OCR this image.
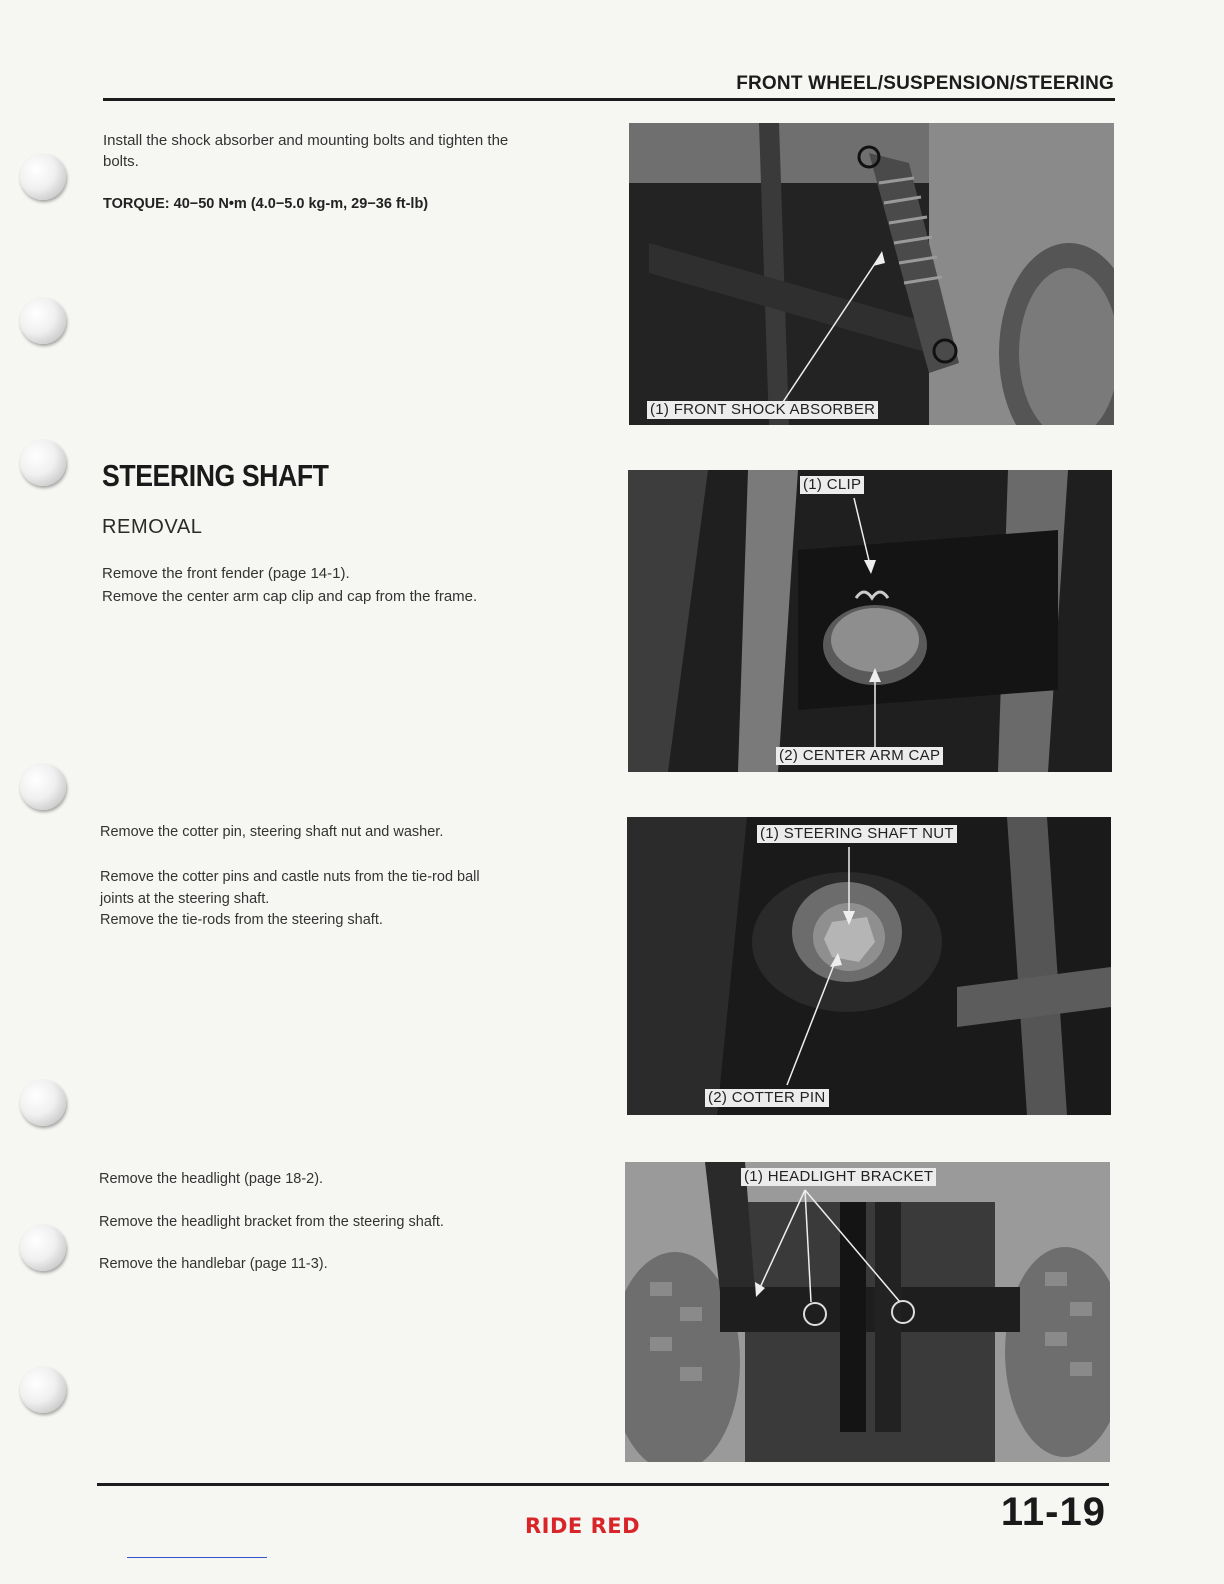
FRONT WHEEL/SUSPENSION/STEERING

Install the shock absorber and mounting bolts and tighten the

bolts.

TORQUE: 40−50 N•m (4.0−5.0 kg-m, 29−36 ft-lb)

STEERING SHAFT
REMOVAL

Remove the front fender (page 14-1).

Remove the center arm cap clip and cap from the frame.

Remove the cotter pin, steering shaft nut and washer.

Remove the cotter pins and castle nuts from the tie-rod ball

joints at the steering shaft.

Remove the tie-rods from the steering shaft.

Remove the headlight (page 18-2).

Remove the headlight bracket from the steering shaft.

Remove the handlebar (page 11-3).

(1) FRONT SHOCK ABSORBER
(1) CLIP
(2) CENTER ARM CAP
(1) STEERING SHAFT NUT
(2) COTTER PIN
(1) HEADLIGHT BRACKET
RIDE RED	11-19
